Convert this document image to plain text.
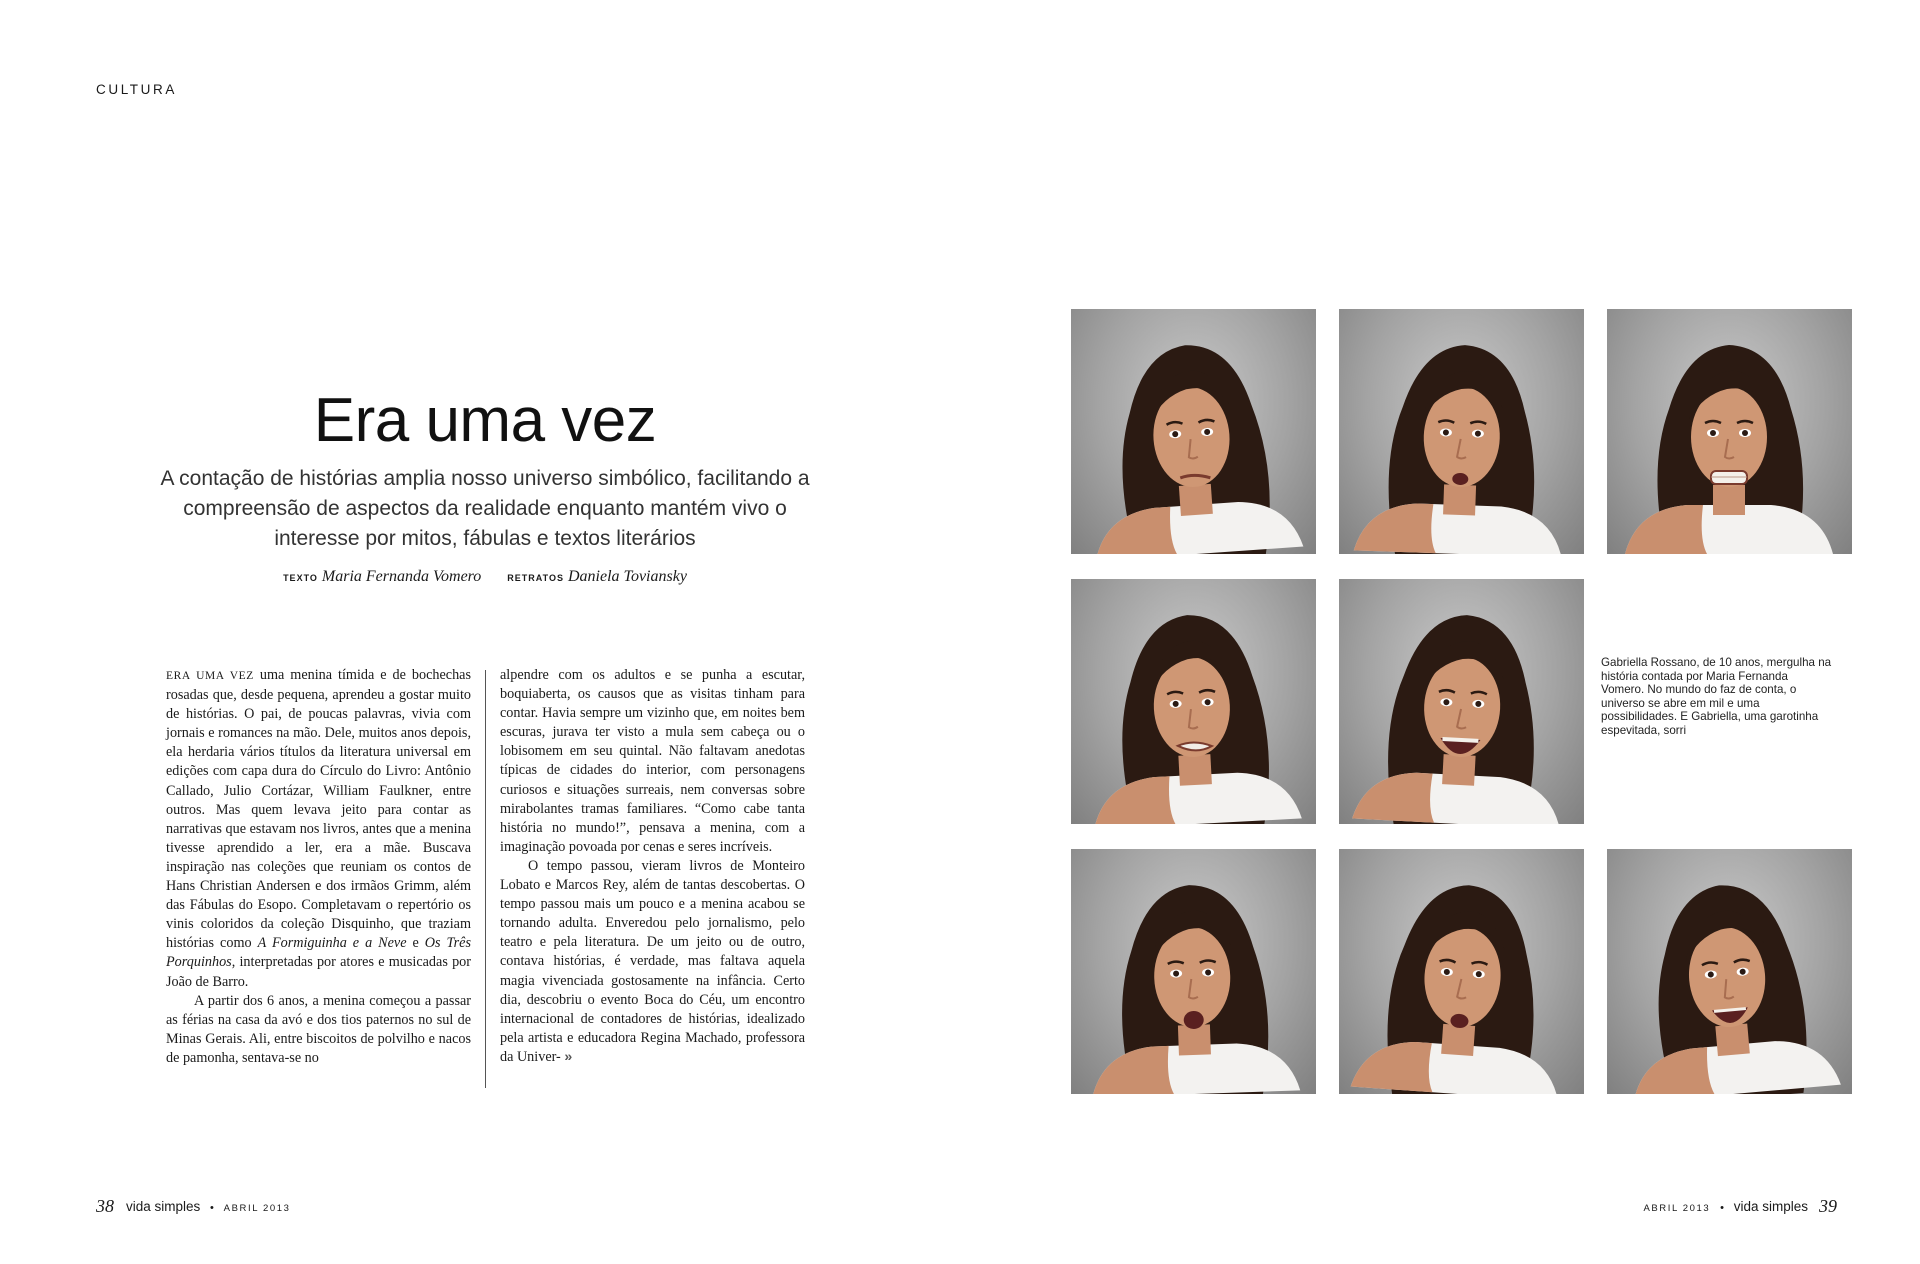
CULTURA
Era uma vez

A contação de histórias amplia nosso universo simbólico, facilitando a compreensão de aspectos da realidade enquanto mantém vivo o interesse por mitos, fábulas e textos literários

TEXTO Maria Fernanda Vomero	RETRATOS Daniela Toviansky

ERA UMA VEZ uma menina tímida e de bochechas rosadas que, desde pequena, aprendeu a gostar muito de histórias. O pai, de poucas palavras, vivia com jornais e romances na mão. Dele, muitos anos depois, ela herdaria vários títulos da literatura universal em edições com capa dura do Círculo do Livro: Antônio Callado, Julio Cortázar, William Faulkner, entre outros. Mas quem levava jeito para contar as narrativas que estavam nos livros, antes que a menina tivesse aprendido a ler, era a mãe. Buscava inspiração nas coleções que reuniam os contos de Hans Christian Andersen e dos irmãos Grimm, além das Fábulas do Esopo. Completavam o repertório os vinis coloridos da coleção Disquinho, que traziam histórias como A Formiguinha e a Neve e Os Três Porquinhos, interpretadas por atores e musicadas por João de Barro.

A partir dos 6 anos, a menina começou a passar as férias na casa da avó e dos tios paternos no sul de Minas Gerais. Ali, entre biscoitos de polvilho e nacos de pamonha, sentava-se no

alpendre com os adultos e se punha a escutar, boquiaberta, os causos que as visitas tinham para contar. Havia sempre um vizinho que, em noites bem escuras, jurava ter visto a mula sem cabeça ou o lobisomem em seu quintal. Não faltavam anedotas típicas de cidades do interior, com personagens curiosos e situações surreais, nem conversas sobre mirabolantes tramas familiares. “Como cabe tanta história no mundo!”, pensava a menina, com a imaginação povoada por cenas e seres incríveis.

O tempo passou, vieram livros de Monteiro Lobato e Marcos Rey, além de tantas descobertas. O tempo passou mais um pouco e a menina acabou se tornando adulta. Enveredou pelo jornalismo, pelo teatro e pela literatura. De um jeito ou de outro, contava histórias, é verdade, mas faltava aquela magia vivenciada gostosamente na infância. Certo dia, descobriu o evento Boca do Céu, um encontro internacional de contadores de histórias, idealizado pela artista e educadora Regina Machado, professora da Univer- »

Gabriella Rossano, de 10 anos, mergulha na história contada por Maria Fernanda Vomero. No mundo do faz de conta, o universo se abre em mil e uma possibilidades. E Gabriella, uma garotinha espevitada, sorri

38 vida simples • ABRIL 2013	ABRIL 2013 • vida simples 39
